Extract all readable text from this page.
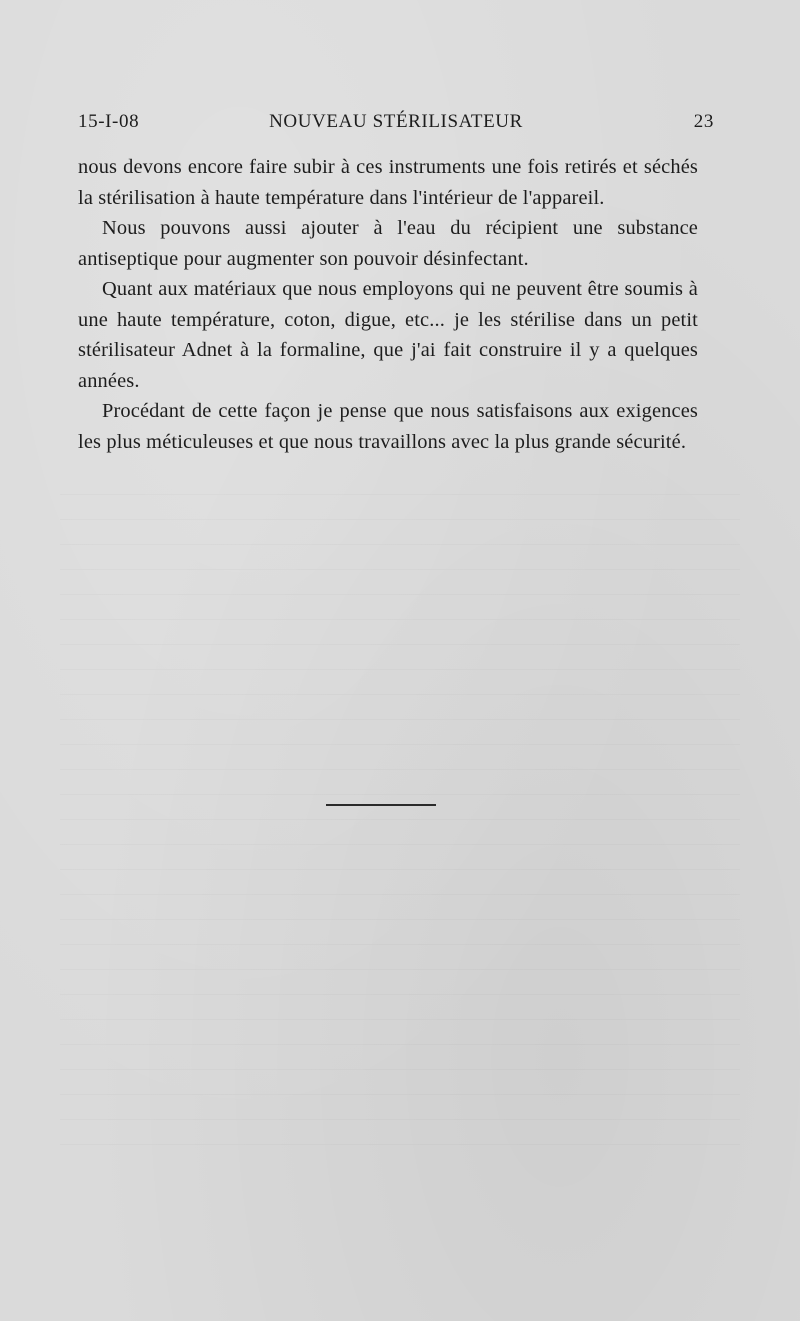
15-I-08	NOUVEAU STÉRILISATEUR	23

nous devons encore faire subir à ces instruments une fois retirés et séchés la stérilisation à haute température dans l'intérieur de l'appareil.

Nous pouvons aussi ajouter à l'eau du récipient une substance antiseptique pour augmenter son pouvoir désinfectant.

Quant aux matériaux que nous employons qui ne peuvent être soumis à une haute température, coton, digue, etc... je les stérilise dans un petit stérilisateur Adnet à la formaline, que j'ai fait construire il y a quelques années.

Procédant de cette façon je pense que nous satisfaisons aux exigences les plus méticuleuses et que nous travaillons avec la plus grande sécurité.
